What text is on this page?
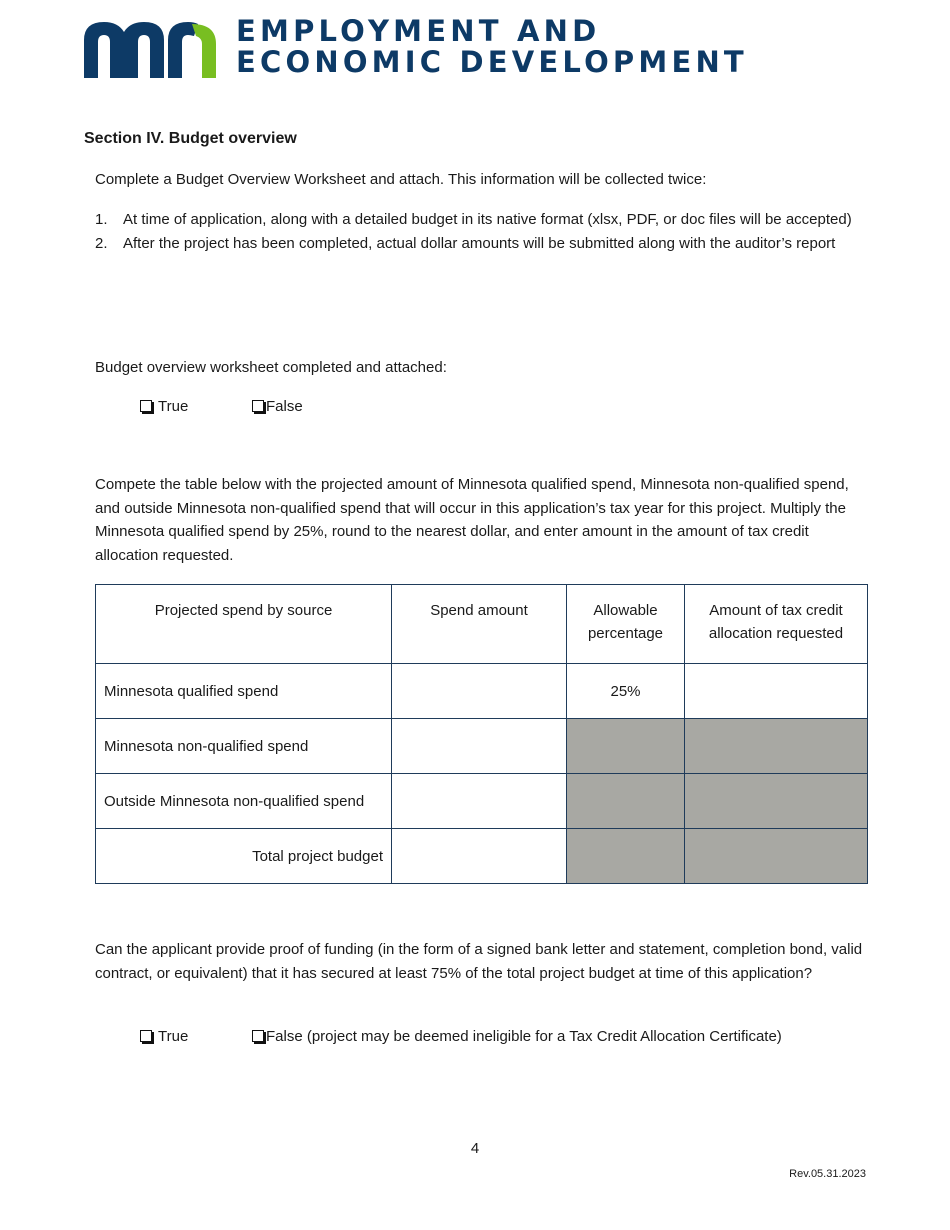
EMPLOYMENT AND
ECONOMIC DEVELOPMENT
Section IV. Budget overview
Complete a Budget Overview Worksheet and attach. This information will be collected twice:
1. At time of application, along with a detailed budget in its native format (xlsx, PDF, or doc files will be accepted)
2. After the project has been completed, actual dollar amounts will be submitted along with the auditor’s report
Budget overview worksheet completed and attached:
True	False
Compete the table below with the projected amount of Minnesota qualified spend, Minnesota non-qualified spend, and outside Minnesota non-qualified spend that will occur in this application’s tax year for this project. Multiply the Minnesota qualified spend by 25%, round to the nearest dollar, and enter amount in the amount of tax credit allocation requested.
Projected spend by source	Spend amount	Allowable percentage	Amount of tax credit allocation requested
Minnesota qualified spend		25%	
Minnesota non-qualified spend			
Outside Minnesota non-qualified spend			
Total project budget			
Can the applicant provide proof of funding (in the form of a signed bank letter and statement, completion bond, valid contract, or equivalent) that it has secured at least 75% of the total project budget at time of this application?
True	False (project may be deemed ineligible for a Tax Credit Allocation Certificate)
4
Rev.05.31.2023
